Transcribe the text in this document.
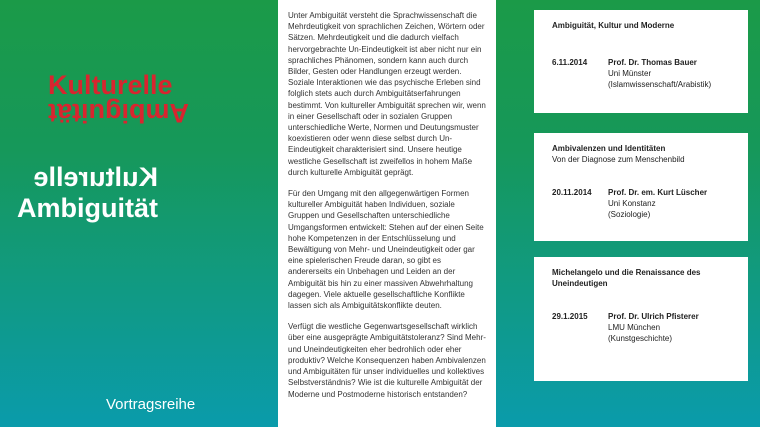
Kulturelle
Ambiguität
Kulturelle
Ambiguität
Vortragsreihe

Unter Ambiguität versteht die Sprachwissenschaft die Mehrdeutigkeit von sprachlichen Zeichen, Wörtern oder Sätzen. Mehrdeutigkeit und die dadurch vielfach hervorgebrachte Un-Eindeutigkeit ist aber nicht nur ein sprachliches Phänomen, sondern kann auch durch Bilder, Gesten oder Handlungen erzeugt werden. Soziale Interaktionen wie das psychische Erleben sind folglich stets auch durch Ambiguitätserfahrungen bestimmt. Von kultureller Ambiguität sprechen wir, wenn in einer Gesellschaft oder in sozialen Gruppen unterschiedliche Werte, Normen und Deutungsmuster koexistieren oder wenn diese selbst durch Un-Eindeutigkeit charakterisiert sind. Unsere heutige westliche Gesellschaft ist zweifellos in hohem Maße durch kulturelle Ambiguität geprägt.

Für den Umgang mit den allgegenwärtigen Formen kultureller Ambiguität haben Individuen, soziale Gruppen und Gesellschaften unterschiedliche Umgangsformen entwickelt: Stehen auf der einen Seite hohe Kompetenzen in der Entschlüsselung und Bewältigung von Mehr- und Uneindeutigkeit oder gar eine spielerischen Freude daran, so gibt es andererseits ein Unbehagen und Leiden an der Ambiguität bis hin zu einer massiven Abwehrhaltung dagegen. Viele aktuelle gesellschaftliche Konflikte lassen sich als Ambiguitätskonflikte deuten.

Verfügt die westliche Gegenwartsgesellschaft wirklich über eine ausgeprägte Ambiguitätstoleranz? Sind Mehr- und Uneindeutigkeiten eher bedrohlich oder eher produktiv? Welche Konsequenzen haben Ambivalenzen und Ambiguitäten für unser individuelles und kollektives Selbstverständnis? Wie ist die kulturelle Ambiguität der Moderne und Postmoderne historisch entstanden?

Ambiguität, Kultur und Moderne
6.11.2014	Prof. Dr. Thomas Bauer
Uni Münster
(Islamwissenschaft/Arabistik)
Ambivalenzen und Identitäten
Von der Diagnose zum Menschenbild
20.11.2014	Prof. Dr. em. Kurt Lüscher
Uni Konstanz
(Soziologie)
Michelangelo und die Renaissance des Uneindeutigen
29.1.2015	Prof. Dr. Ulrich Pfisterer
LMU München
(Kunstgeschichte)
